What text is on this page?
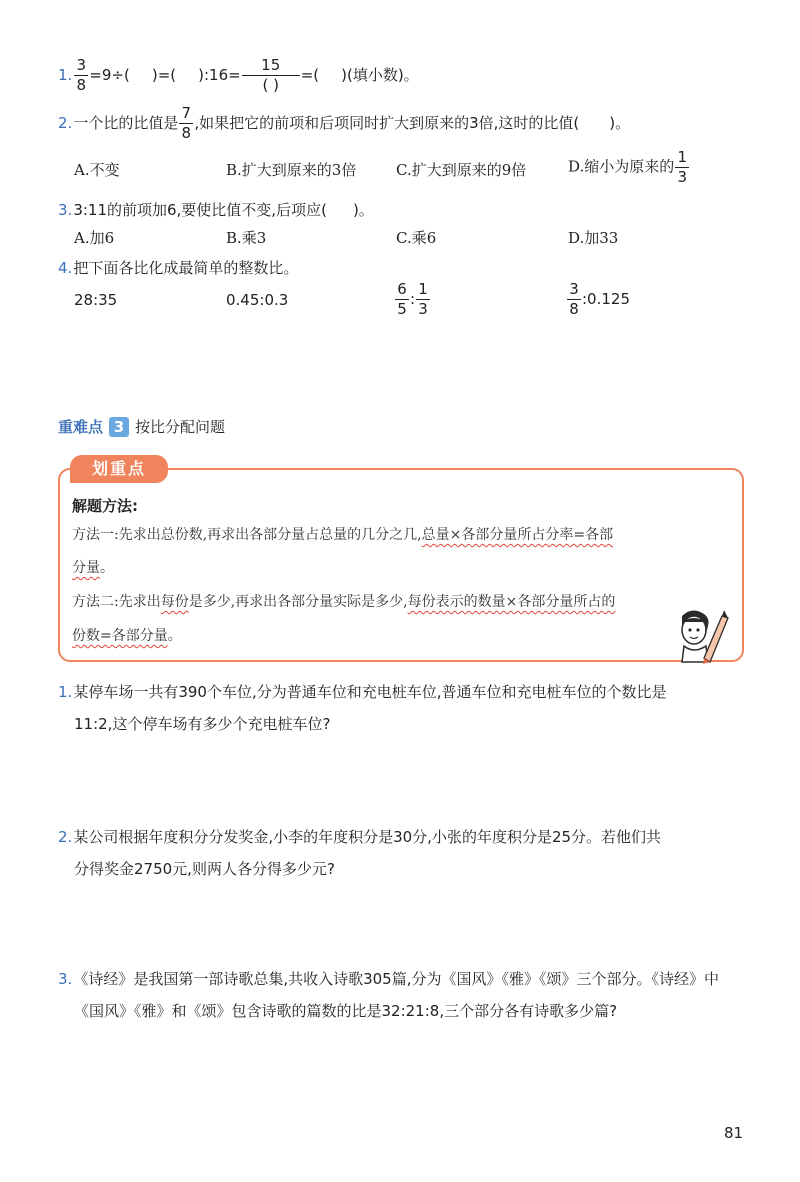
1. $\frac{3}{8} =9\div$( )=( ):16= $\frac{15}{( )}$ =( )(填小数)。
2.一个比的比值是 $\frac{7}{8}$ ,如果把它的前项和后项同时扩大到原来的3倍,这时的比值( )。
A.不变	B.扩大到原来的3倍	C.扩大到原来的9倍	D.缩小为原来的 $\frac{1}{3}$
3.3:11的前项加6,要使比值不变,后项应( )。
A.加6	B.乘3	C.乘6	D.加33
4.把下面各比化成最简单的整数比。
28:35	0.45:0.3	$\frac{6}{5}$ : $\frac{1}{3}$	$\frac{3}{8}$ :0.125
重难点 3 按比分配问题
划重点
解题方法:
方法一:先求出总份数,再求出各部分量占总量的几分之几,总量×各部分量所占分率=各部
分量。
方法二:先求出每份是多少,再求出各部分量实际是多少,每份表示的数量×各部分量所占的
份数=各部分量。
1.某停车场一共有390个车位,分为普通车位和充电桩车位,普通车位和充电桩车位的个数比是
11:2,这个停车场有多少个充电桩车位?
2.某公司根据年度积分分发奖金,小李的年度积分是30分,小张的年度积分是25分。若他们共
分得奖金2750元,则两人各分得多少元?
3.《诗经》是我国第一部诗歌总集,共收入诗歌305篇,分为《国风》《雅》《颂》三个部分。《诗经》中
《国风》《雅》和《颂》包含诗歌的篇数的比是32:21:8,三个部分各有诗歌多少篇?
81
